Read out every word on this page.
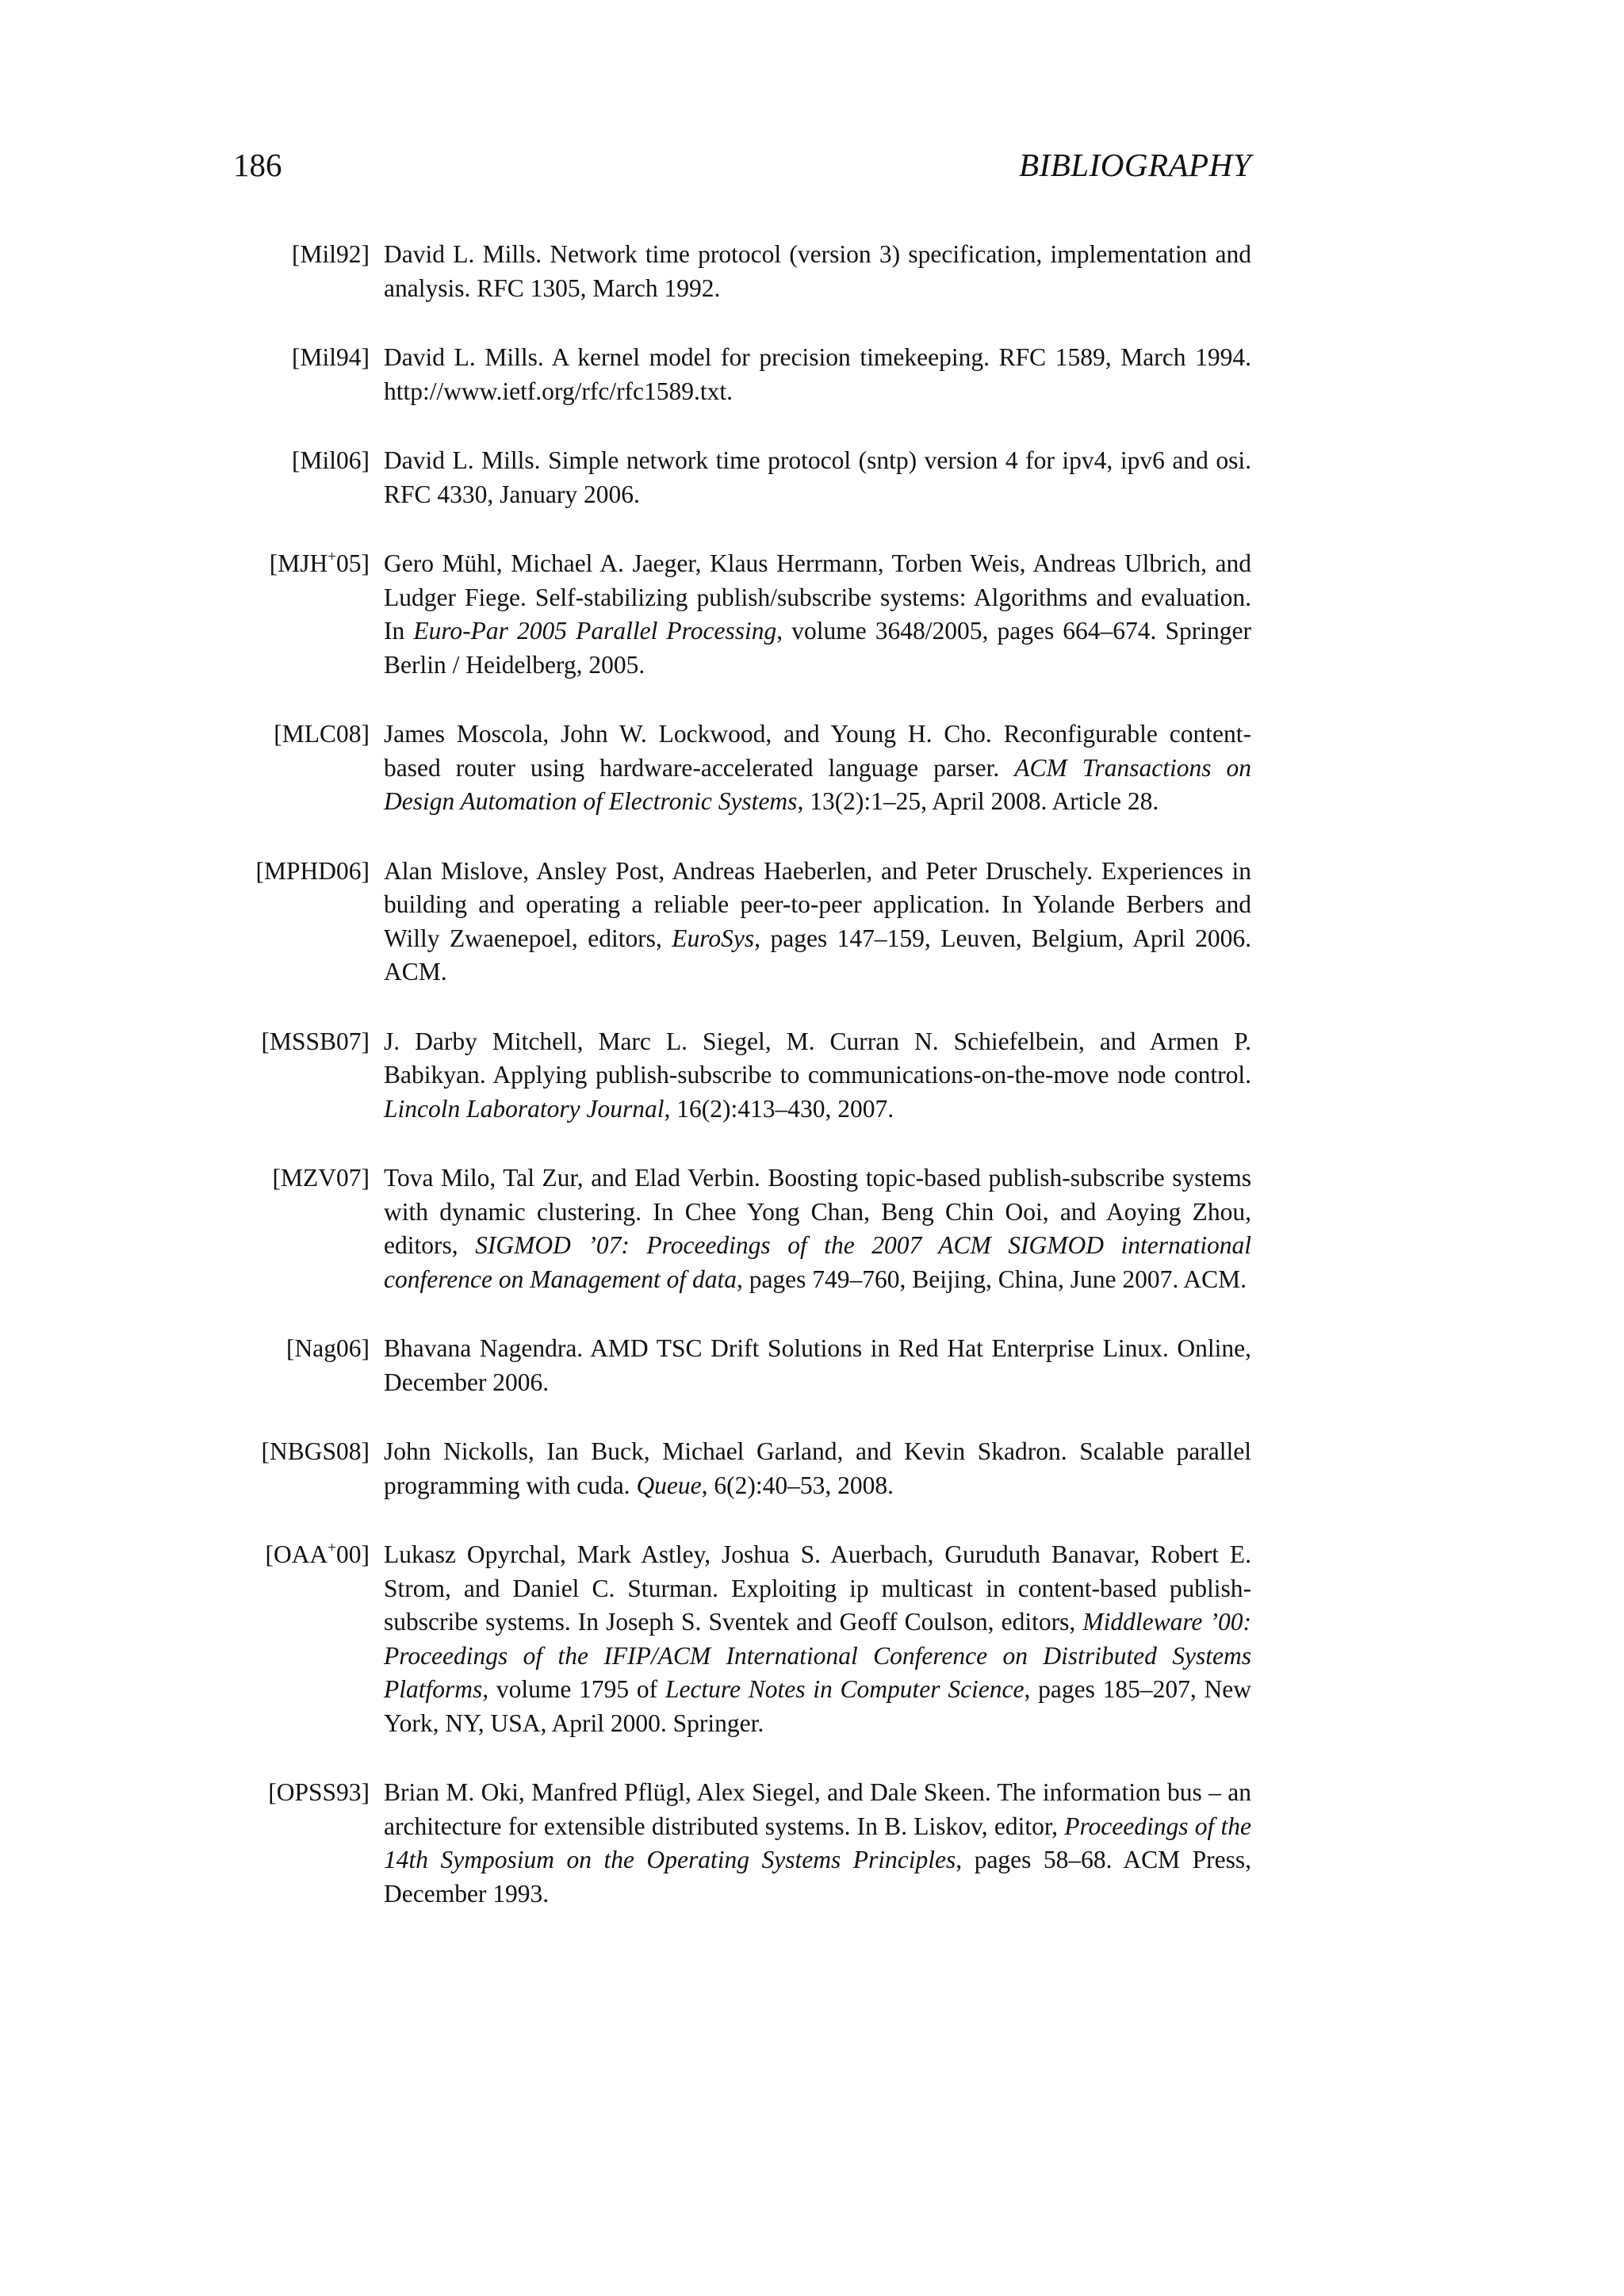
186	BIBLIOGRAPHY
[Mil92] David L. Mills. Network time protocol (version 3) specification, implementation and analysis. RFC 1305, March 1992.
[Mil94] David L. Mills. A kernel model for precision timekeeping. RFC 1589, March 1994. http://www.ietf.org/rfc/rfc1589.txt.
[Mil06] David L. Mills. Simple network time protocol (sntp) version 4 for ipv4, ipv6 and osi. RFC 4330, January 2006.
[MJH+05] Gero Mühl, Michael A. Jaeger, Klaus Herrmann, Torben Weis, Andreas Ulbrich, and Ludger Fiege. Self-stabilizing publish/subscribe systems: Algorithms and evaluation. In Euro-Par 2005 Parallel Processing, volume 3648/2005, pages 664–674. Springer Berlin / Heidelberg, 2005.
[MLC08] James Moscola, John W. Lockwood, and Young H. Cho. Reconfigurable content-based router using hardware-accelerated language parser. ACM Transactions on Design Automation of Electronic Systems, 13(2):1–25, April 2008. Article 28.
[MPHD06] Alan Mislove, Ansley Post, Andreas Haeberlen, and Peter Druschely. Experiences in building and operating a reliable peer-to-peer application. In Yolande Berbers and Willy Zwaenepoel, editors, EuroSys, pages 147–159, Leuven, Belgium, April 2006. ACM.
[MSSB07] J. Darby Mitchell, Marc L. Siegel, M. Curran N. Schiefelbein, and Armen P. Babikyan. Applying publish-subscribe to communications-on-the-move node control. Lincoln Laboratory Journal, 16(2):413–430, 2007.
[MZV07] Tova Milo, Tal Zur, and Elad Verbin. Boosting topic-based publish-subscribe systems with dynamic clustering. In Chee Yong Chan, Beng Chin Ooi, and Aoying Zhou, editors, SIGMOD ’07: Proceedings of the 2007 ACM SIGMOD international conference on Management of data, pages 749–760, Beijing, China, June 2007. ACM.
[Nag06] Bhavana Nagendra. AMD TSC Drift Solutions in Red Hat Enterprise Linux. Online, December 2006.
[NBGS08] John Nickolls, Ian Buck, Michael Garland, and Kevin Skadron. Scalable parallel programming with cuda. Queue, 6(2):40–53, 2008.
[OAA+00] Lukasz Opyrchal, Mark Astley, Joshua S. Auerbach, Guruduth Banavar, Robert E. Strom, and Daniel C. Sturman. Exploiting ip multicast in content-based publish-subscribe systems. In Joseph S. Sventek and Geoff Coulson, editors, Middleware ’00: Proceedings of the IFIP/ACM International Conference on Distributed Systems Platforms, volume 1795 of Lecture Notes in Computer Science, pages 185–207, New York, NY, USA, April 2000. Springer.
[OPSS93] Brian M. Oki, Manfred Pflügl, Alex Siegel, and Dale Skeen. The information bus – an architecture for extensible distributed systems. In B. Liskov, editor, Proceedings of the 14th Symposium on the Operating Systems Principles, pages 58–68. ACM Press, December 1993.
